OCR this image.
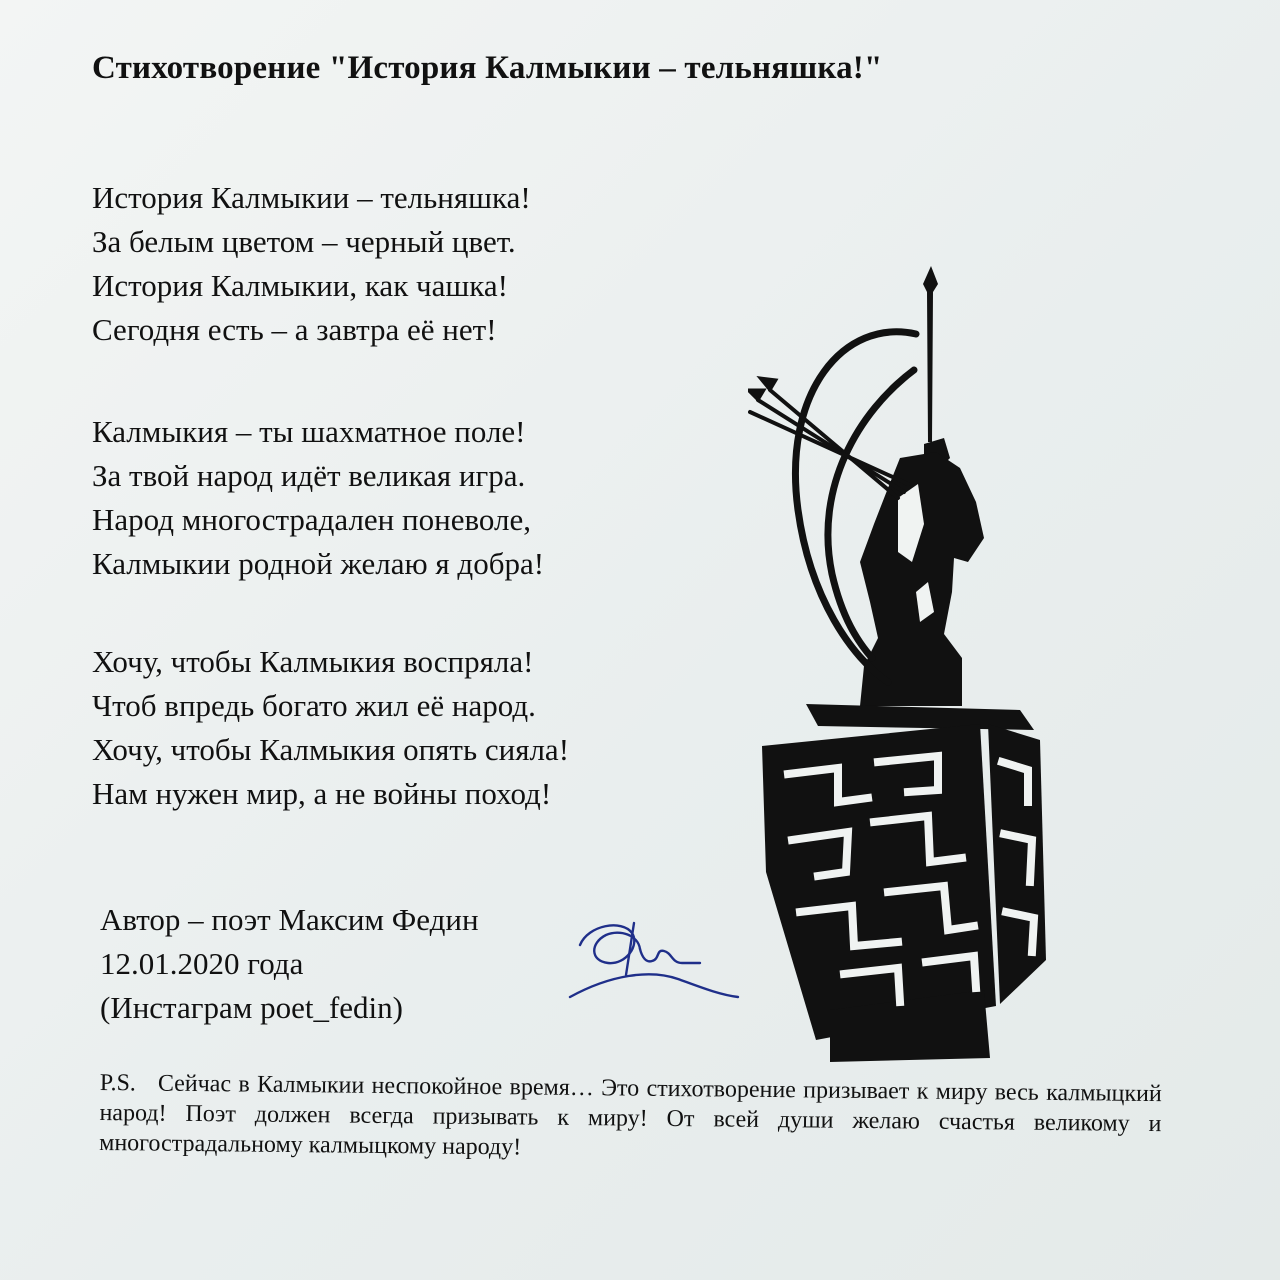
Стихотворение "История Калмыкии – тельняшка!"
История Калмыкии – тельняшка!
За белым цветом – черный цвет.
История Калмыкии, как чашка!
Сегодня есть – а завтра её нет!
Калмыкия – ты шахматное поле!
За твой народ идёт великая игра.
Народ многострадален поневоле,
Калмыкии родной желаю я добра!
Хочу, чтобы Калмыкия воспряла!
Чтоб впредь богато жил её народ.
Хочу, чтобы Калмыкия опять сияла!
Нам нужен мир, а не войны поход!
Автор – поэт Максим Федин
12.01.2020 года
(Инстаграм poet_fedin)
P.S. Сейчас в Калмыкии неспокойное время… Это стихотворение призывает к миру весь калмыцкий народ! Поэт должен всегда призывать к миру! От всей души желаю счастья великому и многострадальному калмыцкому народу!
